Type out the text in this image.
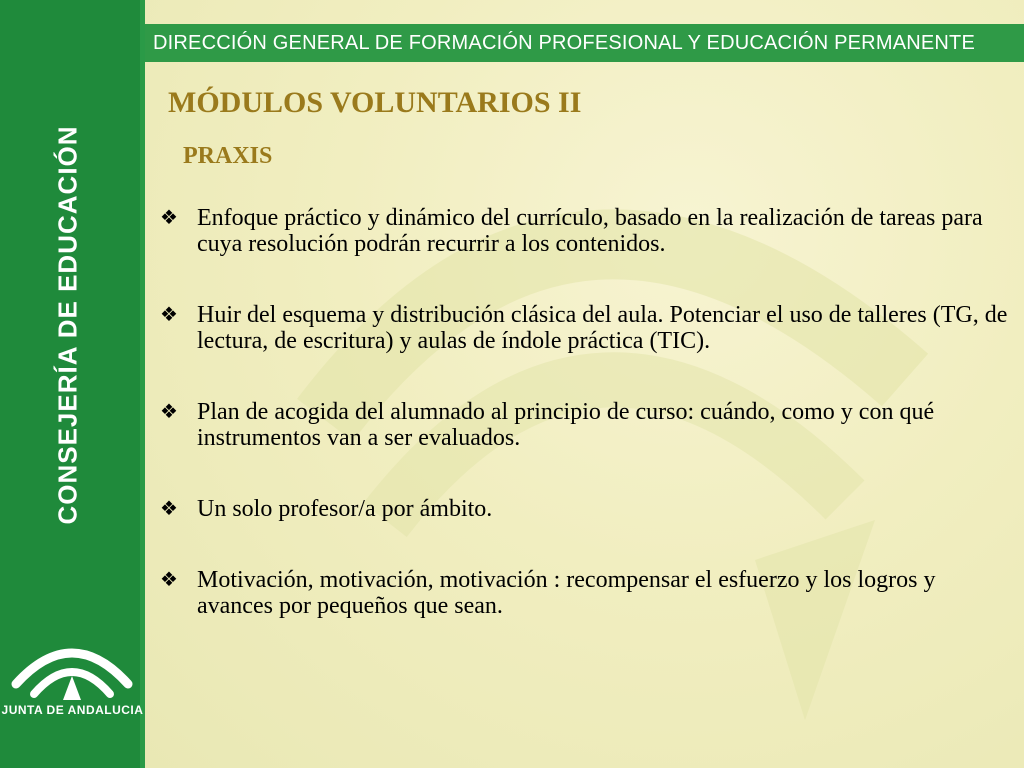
CONSEJERÍA DE EDUCACIÓN
JUNTA DE ANDALUCIA
DIRECCIÓN GENERAL DE FORMACIÓN PROFESIONAL Y EDUCACIÓN PERMANENTE
MÓDULOS VOLUNTARIOS II
PRAXIS
❖ Enfoque práctico y dinámico del currículo, basado en la realización de tareas para cuya resolución podrán recurrir a los contenidos.
❖ Huir del esquema y distribución clásica del aula. Potenciar el uso de talleres (TG, de lectura, de escritura) y aulas de índole práctica (TIC).
❖ Plan de acogida del alumnado al principio de curso: cuándo, como y con qué instrumentos van a ser evaluados.
❖ Un solo profesor/a por ámbito.
❖ Motivación, motivación, motivación : recompensar el esfuerzo y los logros y avances por pequeños que sean.
